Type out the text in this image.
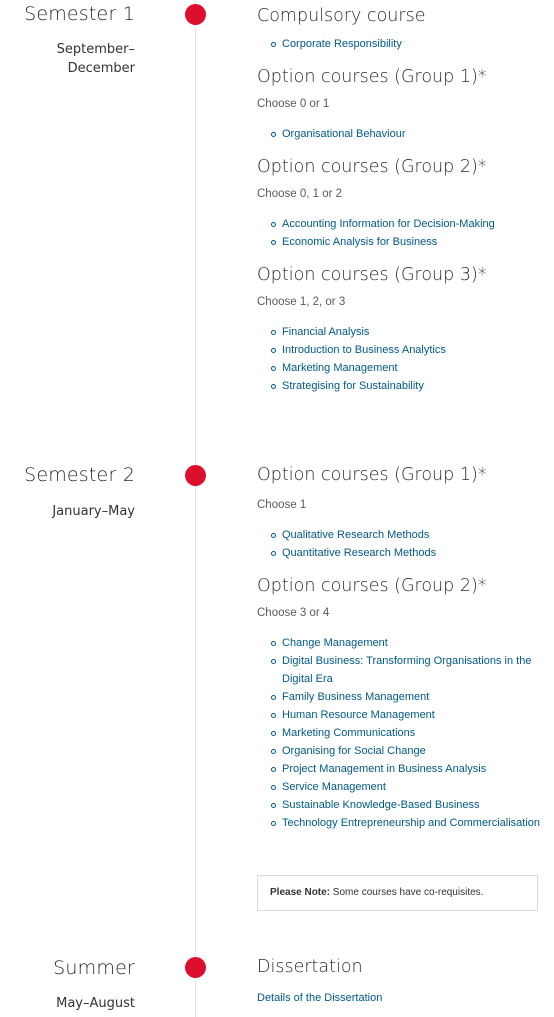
Semester 1
September–
December
Compulsory course
Corporate Responsibility
Option courses (Group 1)*

Choose 0 or 1

Organisational Behaviour
Option courses (Group 2)*

Choose 0, 1 or 2

Accounting Information for Decision-Making
Economic Analysis for Business
Option courses (Group 3)*

Choose 1, 2, or 3

Financial Analysis
Introduction to Business Analytics
Marketing Management
Strategising for Sustainability
Semester 2
January–May
Option courses (Group 1)*

Choose 1

Qualitative Research Methods
Quantitative Research Methods
Option courses (Group 2)*

Choose 3 or 4

Change Management
Digital Business: Transforming Organisations in the Digital Era
Family Business Management
Human Resource Management
Marketing Communications
Organising for Social Change
Project Management in Business Analysis
Service Management
Sustainable Knowledge-Based Business
Technology Entrepreneurship and Commercialisation
Please Note: Some courses have co-requisites.
Summer
May–August
Dissertation
Details of the Dissertation
